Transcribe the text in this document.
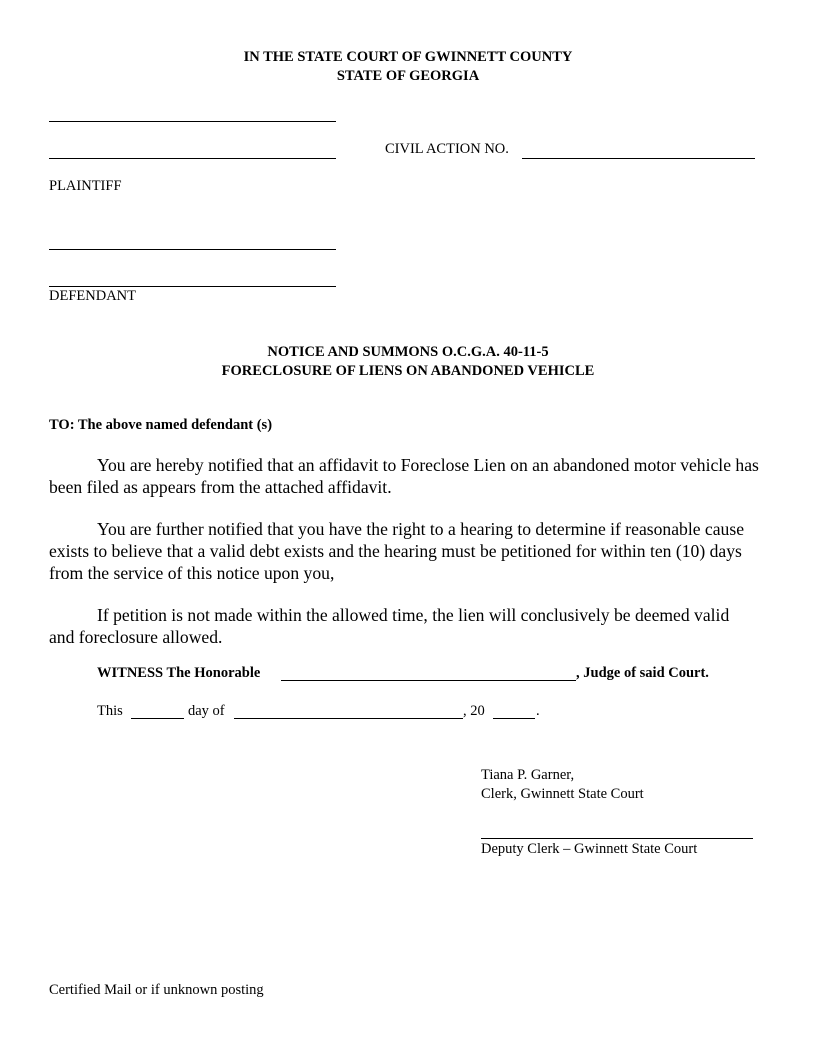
IN THE STATE COURT OF GWINNETT COUNTY
STATE OF GEORGIA
CIVIL ACTION NO.
PLAINTIFF
DEFENDANT
NOTICE AND SUMMONS O.C.G.A. 40-11-5
FORECLOSURE OF LIENS ON ABANDONED VEHICLE
TO: The above named defendant (s)

You are hereby notified that an affidavit to Foreclose Lien on an abandoned motor vehicle has been filed as appears from the attached affidavit.

You are further notified that you have the right to a hearing to determine if reasonable cause exists to believe that a valid debt exists and the hearing must be petitioned for within ten (10) days from the service of this notice upon you,

If petition is not made within the allowed time, the lien will conclusively be deemed valid and foreclosure allowed.

WITNESS The Honorable	, Judge of said Court.
This	day of	, 20	.
Tiana P. Garner,
Clerk, Gwinnett State Court
Deputy Clerk – Gwinnett State Court
Certified Mail or if unknown posting
